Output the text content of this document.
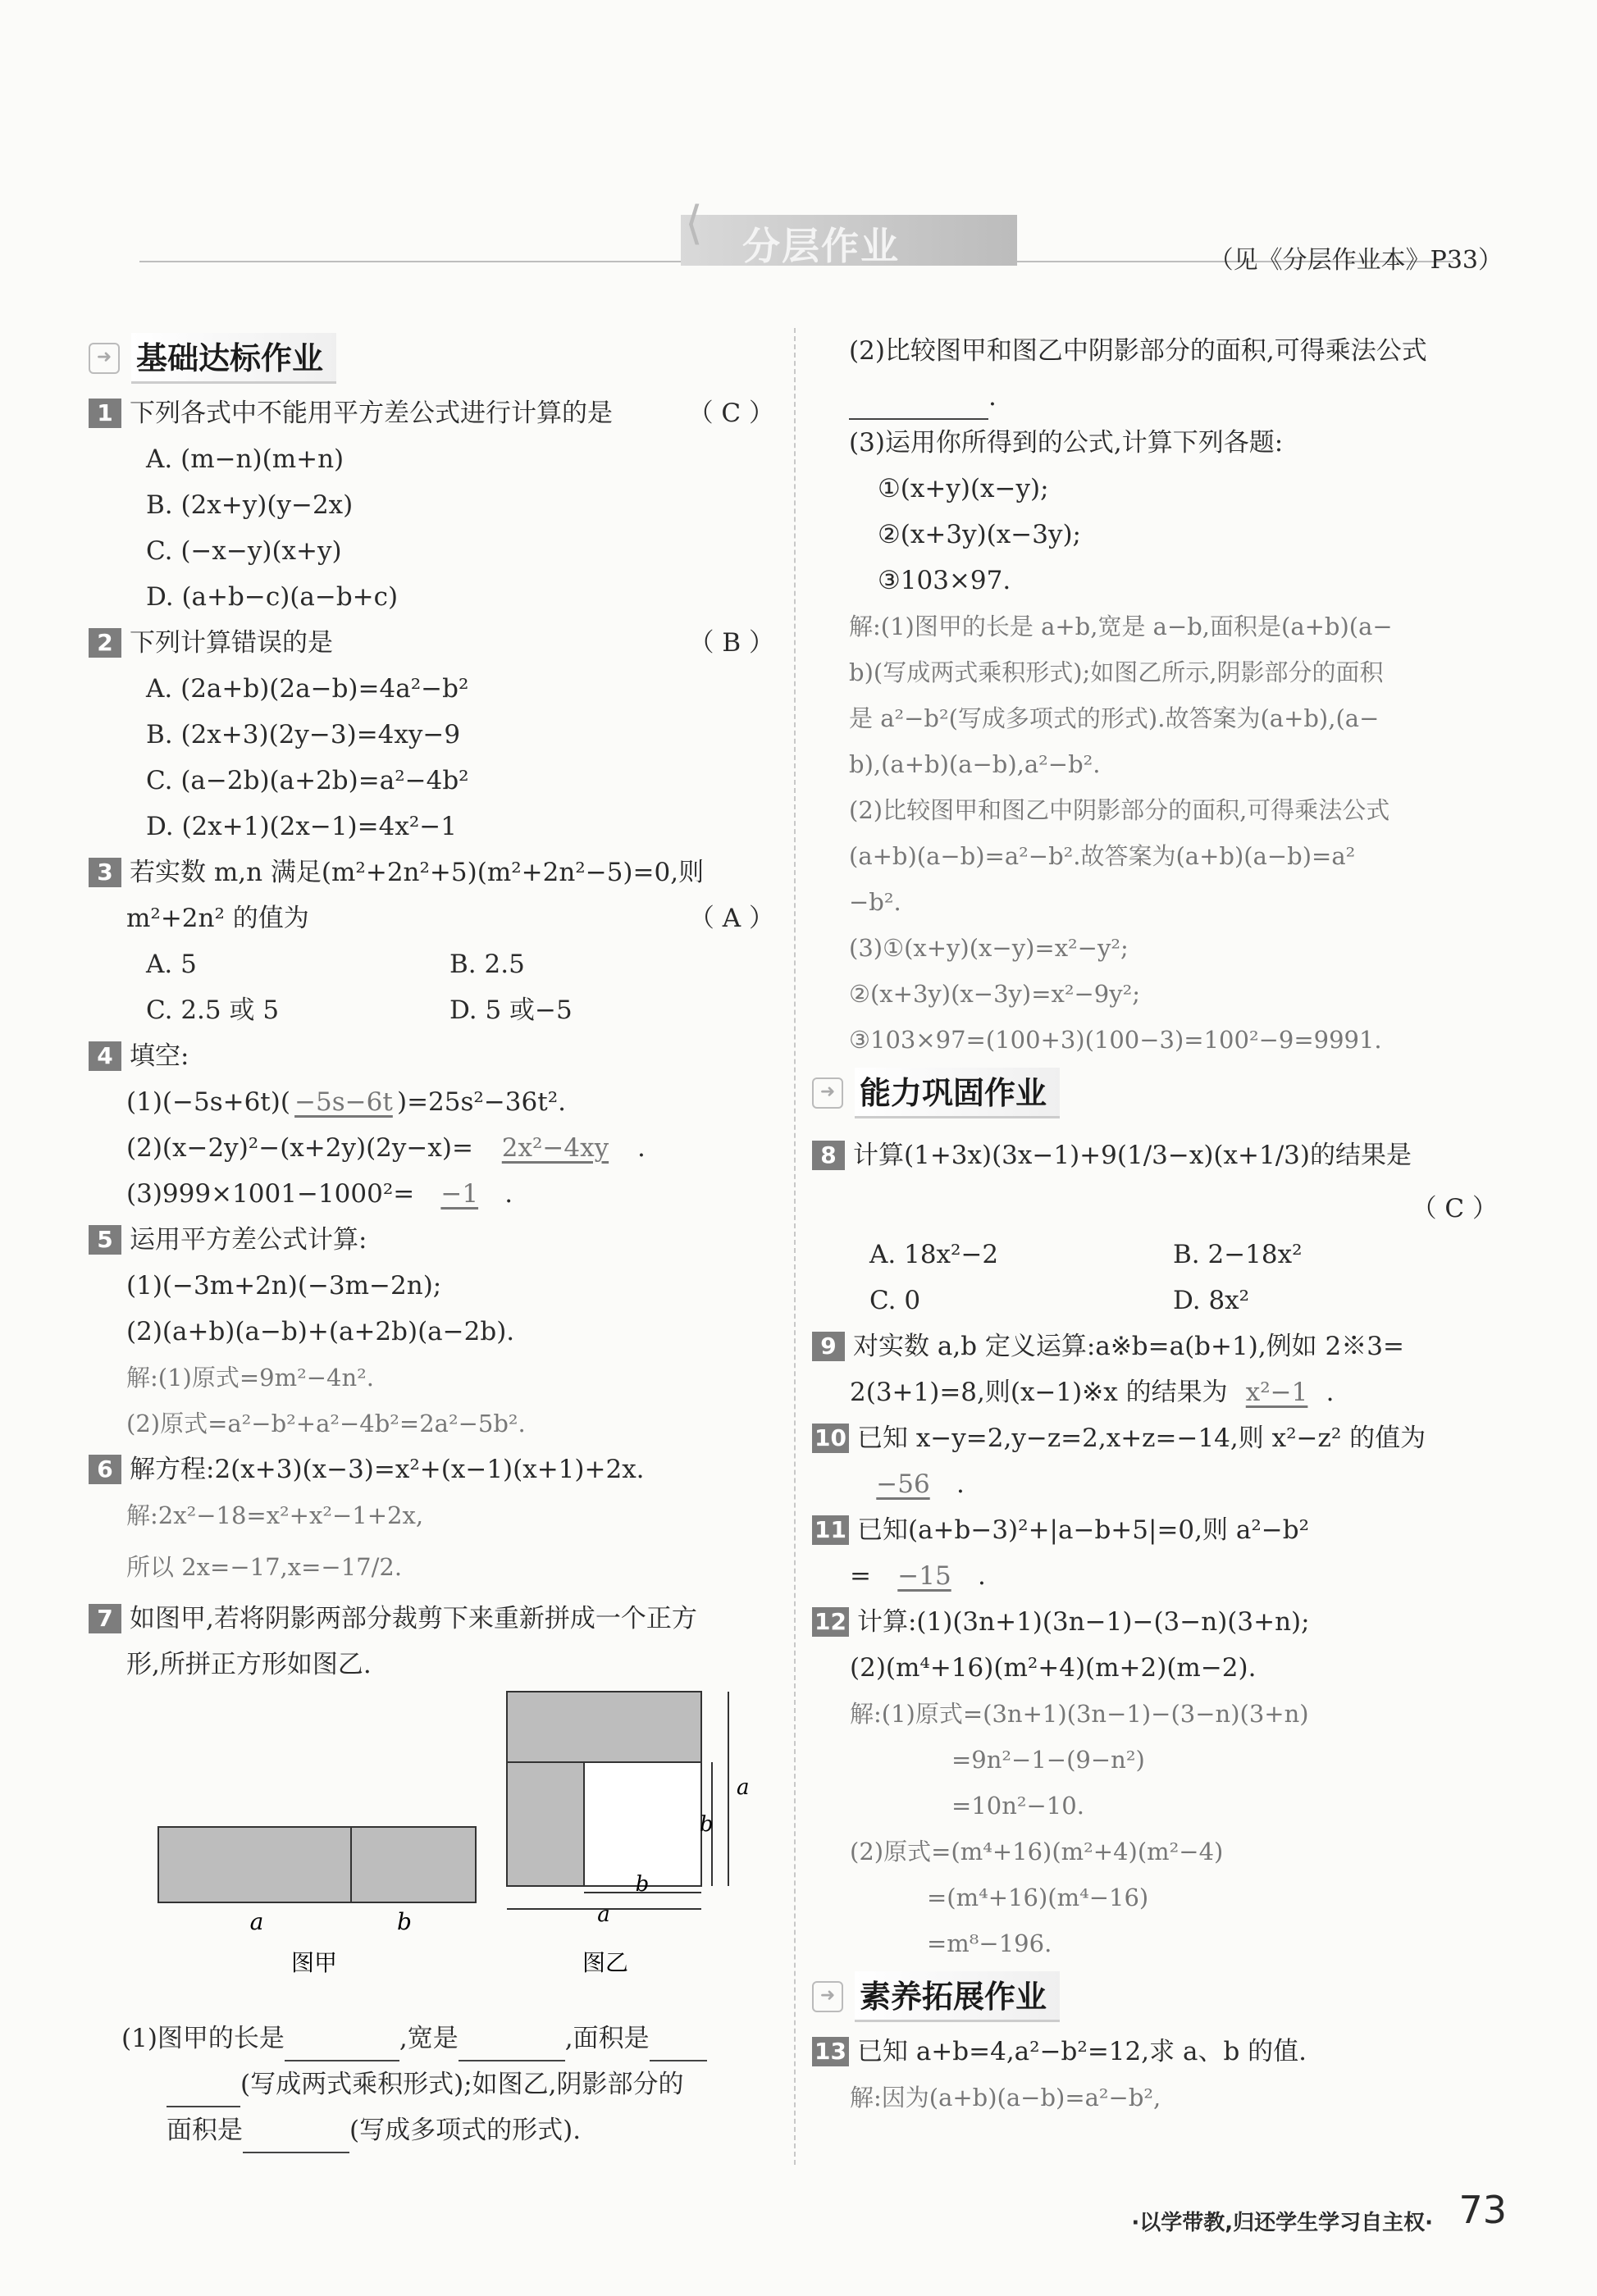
⟨	分层作业	（见《分层作业本》P33）
➜ 基础达标作业
1 下列各式中不能用平方差公式进行计算的是	（ C ）
A. (m−n)(m+n)
B. (2x+y)(y−2x)
C. (−x−y)(x+y)
D. (a+b−c)(a−b+c)
2 下列计算错误的是	（ B ）
A. (2a+b)(2a−b)=4a²−b²
B. (2x+3)(2y−3)=4xy−9
C. (a−2b)(a+2b)=a²−4b²
D. (2x+1)(2x−1)=4x²−1
3 若实数 m,n 满足(m²+2n²+5)(m²+2n²−5)=0,则
m²+2n² 的值为	（ A ）
A. 5	B. 2.5
C. 2.5 或 5	D. 5 或−5
4 填空:
(1)(−5s+6t)( −5s−6t )=25s²−36t².
(2)(x−2y)²−(x+2y)(2y−x)= 2x²−4xy .
(3)999×1001−1000²= −1 .
5 运用平方差公式计算:
(1)(−3m+2n)(−3m−2n);
(2)(a+b)(a−b)+(a+2b)(a−2b).
解:(1)原式=9m²−4n².
(2)原式=a²−b²+a²−4b²=2a²−5b².
6 解方程:2(x+3)(x−3)=x²+(x−1)(x+1)+2x.
解:2x²−18=x²+x²−1+2x,
所以 2x=−17,x=−17/2.
7 如图甲,若将阴影两部分裁剪下来重新拼成一个正方
形,所拼正方形如图乙.
a	b
图甲
a
b
b
a
图乙
(1)图甲的长是	,宽是	,面积是
(写成两式乘积形式);如图乙,阴影部分的
面积是	(写成多项式的形式).
(2)比较图甲和图乙中阴影部分的面积,可得乘法公式
.
(3)运用你所得到的公式,计算下列各题:
①(x+y)(x−y);
②(x+3y)(x−3y);
③103×97.
解:(1)图甲的长是 a+b,宽是 a−b,面积是(a+b)(a−
b)(写成两式乘积形式);如图乙所示,阴影部分的面积
是 a²−b²(写成多项式的形式).故答案为(a+b),(a−
b),(a+b)(a−b),a²−b².
(2)比较图甲和图乙中阴影部分的面积,可得乘法公式
(a+b)(a−b)=a²−b².故答案为(a+b)(a−b)=a²
−b².
(3)①(x+y)(x−y)=x²−y²;
②(x+3y)(x−3y)=x²−9y²;
③103×97=(100+3)(100−3)=100²−9=9991.
➜ 能力巩固作业
8 计算(1+3x)(3x−1)+9(1/3−x)(x+1/3)的结果是
（ C ）
A. 18x²−2	B. 2−18x²
C. 0	D. 8x²
9 对实数 a,b 定义运算:a※b=a(b+1),例如 2※3=
2(3+1)=8,则(x−1)※x 的结果为 x²−1 .
10 已知 x−y=2,y−z=2,x+z=−14,则 x²−z² 的值为
−56 .
11 已知(a+b−3)²+|a−b+5|=0,则 a²−b²
= −15 .
12 计算:(1)(3n+1)(3n−1)−(3−n)(3+n);
(2)(m⁴+16)(m²+4)(m+2)(m−2).
解:(1)原式=(3n+1)(3n−1)−(3−n)(3+n)
=9n²−1−(9−n²)
=10n²−10.
(2)原式=(m⁴+16)(m²+4)(m²−4)
=(m⁴+16)(m⁴−16)
=m⁸−196.
➜ 素养拓展作业
13 已知 a+b=4,a²−b²=12,求 a、b 的值.
解:因为(a+b)(a−b)=a²−b²,
·以学带教,归还学生学习自主权· 73
